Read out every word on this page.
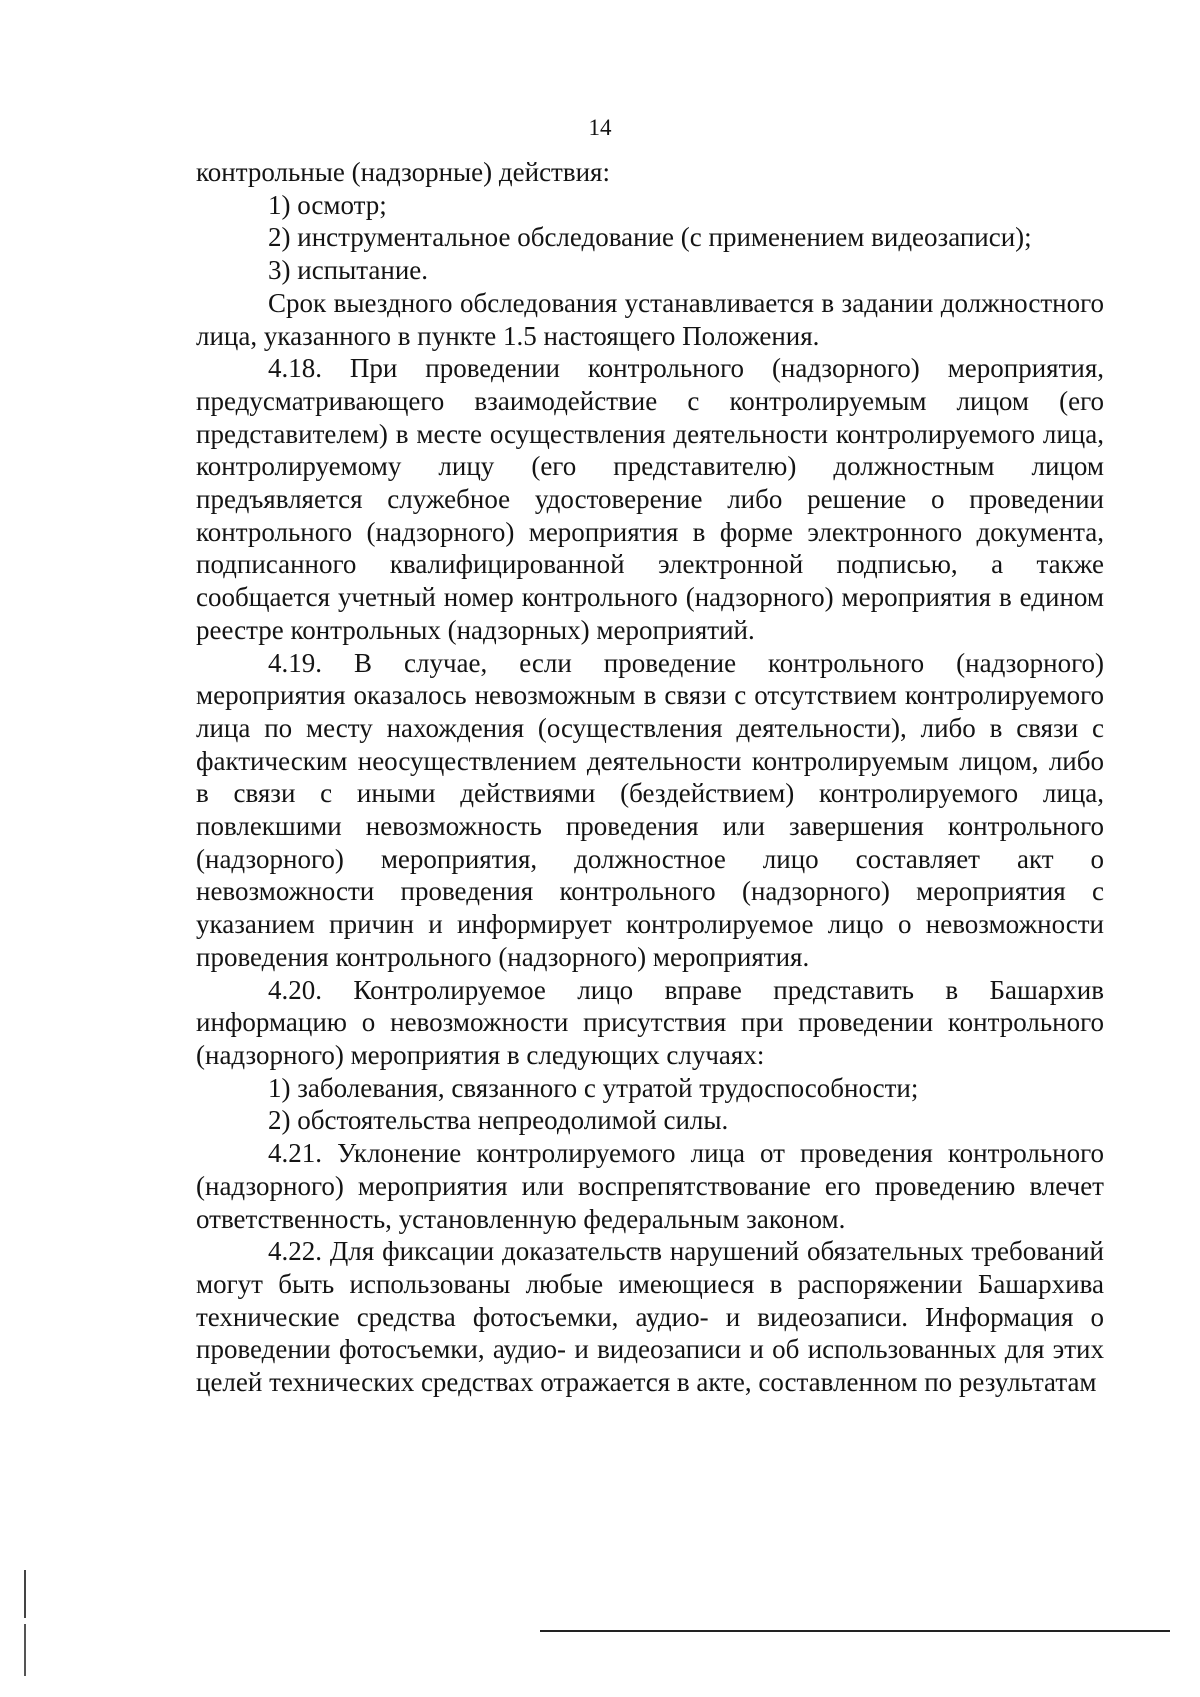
14

контрольные (надзорные) действия:

1) осмотр;

2) инструментальное обследование (с применением видеозаписи);

3) испытание.

Срок выездного обследования устанавливается в задании должностного лица, указанного в пункте 1.5 настоящего Положения.

4.18. При проведении контрольного (надзорного) мероприятия, предусматривающего взаимодействие с контролируемым лицом (его представителем) в месте осуществления деятельности контролируемого лица, контролируемому лицу (его представителю) должностным лицом предъявляется служебное удостоверение либо решение о проведении контрольного (надзорного) мероприятия в форме электронного документа, подписанного квалифицированной электронной подписью, а также сообщается учетный номер контрольного (надзорного) мероприятия в едином реестре контрольных (надзорных) мероприятий.

4.19. В случае, если проведение контрольного (надзорного) мероприятия оказалось невозможным в связи с отсутствием контролируемого лица по месту нахождения (осуществления деятельности), либо в связи с фактическим неосуществлением деятельности контролируемым лицом, либо в связи с иными действиями (бездействием) контролируемого лица, повлекшими невозможность проведения или завершения контрольного (надзорного) мероприятия, должностное лицо составляет акт о невозможности проведения контрольного (надзорного) мероприятия с указанием причин и информирует контролируемое лицо о невозможности проведения контрольного (надзорного) мероприятия.

4.20. Контролируемое лицо вправе представить в Башархив информацию о невозможности присутствия при проведении контрольного (надзорного) мероприятия в следующих случаях:

1) заболевания, связанного с утратой трудоспособности;

2) обстоятельства непреодолимой силы.

4.21. Уклонение контролируемого лица от проведения контрольного (надзорного) мероприятия или воспрепятствование его проведению влечет ответственность, установленную федеральным законом.

4.22. Для фиксации доказательств нарушений обязательных требований могут быть использованы любые имеющиеся в распоряжении Башархива технические средства фотосъемки, аудио- и видеозаписи. Информация о проведении фотосъемки, аудио- и видеозаписи и об использованных для этих целей технических средствах отражается в акте, составленном по результатам
